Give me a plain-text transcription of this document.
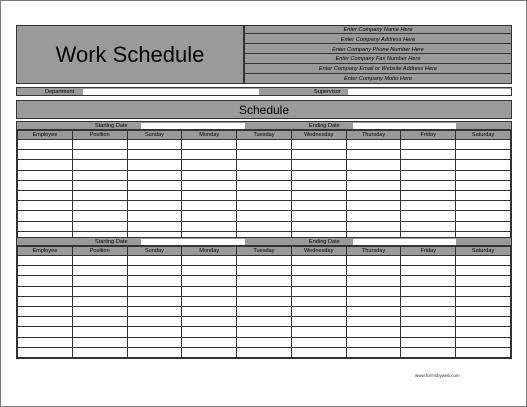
Work Schedule
Enter Company Name Here
Enter Company Address Here
Enter Company Phone Number Here
Enter Company Fax Number Here
Enter Company Email or Website Address Here
Enter Company Motto Here
Department	Supervisor
Schedule
Starting Date	Ending Date
Employee	Position	Sunday	Monday	Tuesday	Wednesday	Thursday	Friday	Saturday

Starting Date	Ending Date
Employee	Position	Sunday	Monday	Tuesday	Wednesday	Thursday	Friday	Saturday

www.formsbyweb.com
